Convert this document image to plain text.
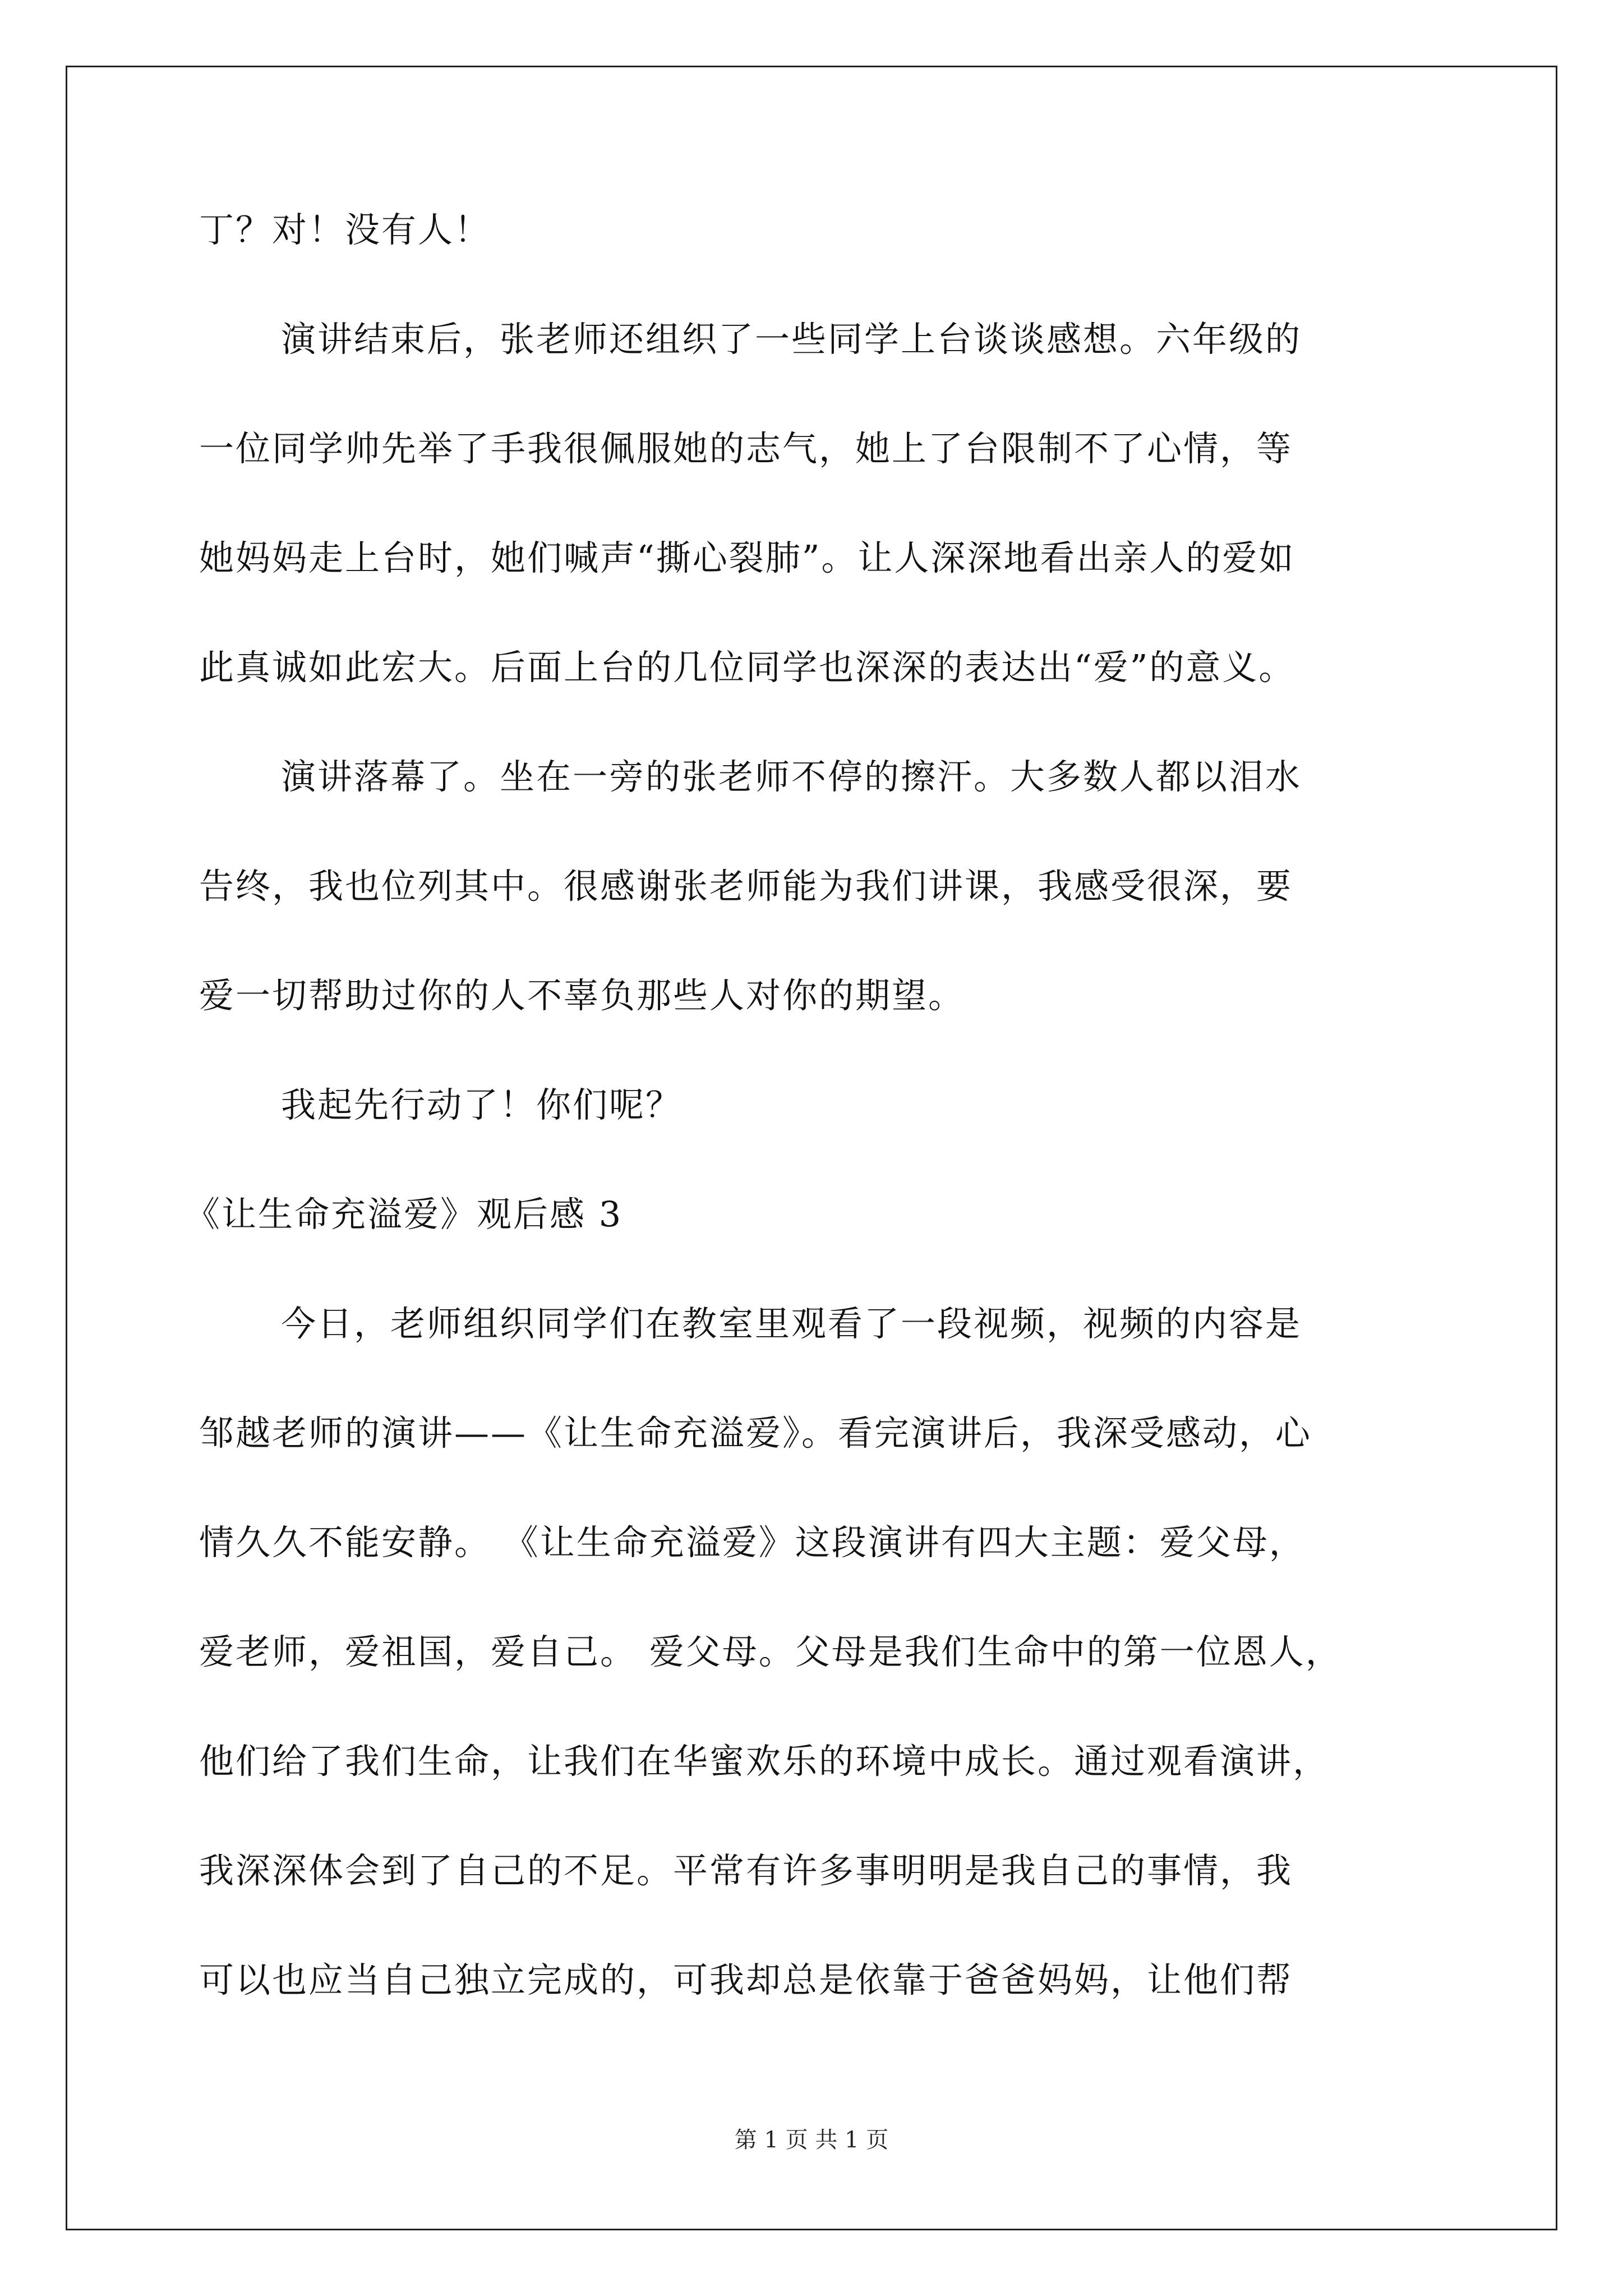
丁？对！没有人！
演讲结束后，张老师还组织了一些同学上台谈谈感想。六年级的
一位同学帅先举了手我很佩服她的志气，她上了台限制不了心情，等
她妈妈走上台时，她们喊声“撕心裂肺”。让人深深地看出亲人的爱如
此真诚如此宏大。后面上台的几位同学也深深的表达出“爱”的意义。
演讲落幕了。坐在一旁的张老师不停的擦汗。大多数人都以泪水
告终，我也位列其中。很感谢张老师能为我们讲课，我感受很深，要
爱一切帮助过你的人不辜负那些人对你的期望。
我起先行动了！你们呢？
《让生命充溢爱》观后感 3
今日，老师组织同学们在教室里观看了一段视频，视频的内容是
邹越老师的演讲——《让生命充溢爱》。看完演讲后，我深受感动，心
情久久不能安静。 《让生命充溢爱》这段演讲有四大主题：爱父母，
爱老师，爱祖国，爱自己。 爱父母。父母是我们生命中的第一位恩人，
他们给了我们生命，让我们在华蜜欢乐的环境中成长。通过观看演讲，
我深深体会到了自己的不足。平常有许多事明明是我自己的事情，我
可以也应当自己独立完成的，可我却总是依靠于爸爸妈妈，让他们帮
第 1 页 共 1 页
